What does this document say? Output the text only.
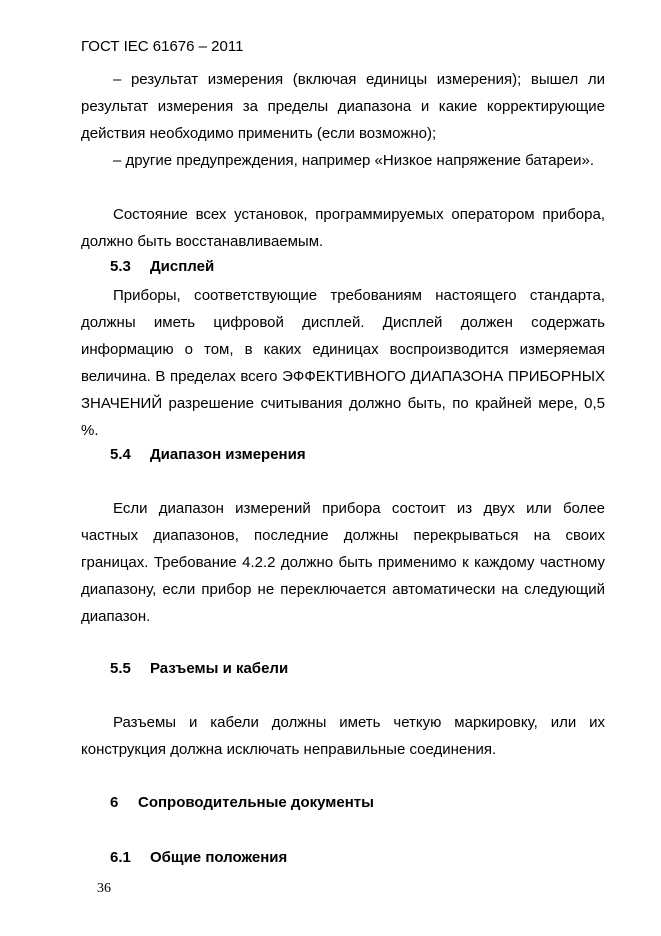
ГОСТ IEC 61676 – 2011

– результат измерения (включая единицы измерения); вышел ли результат измерения за пределы диапазона и какие корректирующие действия необходимо применить (если возможно);

– другие предупреждения, например «Низкое напряжение батареи».

Состояние всех установок, программируемых оператором прибора, должно быть восстанавливаемым.

5.3 Дисплей

Приборы, соответствующие требованиям настоящего стандарта, должны иметь цифровой дисплей. Дисплей должен содержать информацию о том, в каких единицах воспроизводится измеряемая величина. В пределах всего ЭФФЕКТИВНОГО ДИАПАЗОНА ПРИБОРНЫХ ЗНАЧЕНИЙ разрешение считывания должно быть, по крайней мере, 0,5 %.

5.4 Диапазон измерения

Если диапазон измерений прибора состоит из двух или более частных диапазонов, последние должны перекрываться на своих границах. Требование 4.2.2 должно быть применимо к каждому частному диапазону, если прибор не переключается автоматически на следующий диапазон.

5.5 Разъемы и кабели

Разъемы и кабели должны иметь четкую маркировку, или их конструкция должна исключать неправильные соединения.

6 Сопроводительные документы
6.1 Общие положения
36
